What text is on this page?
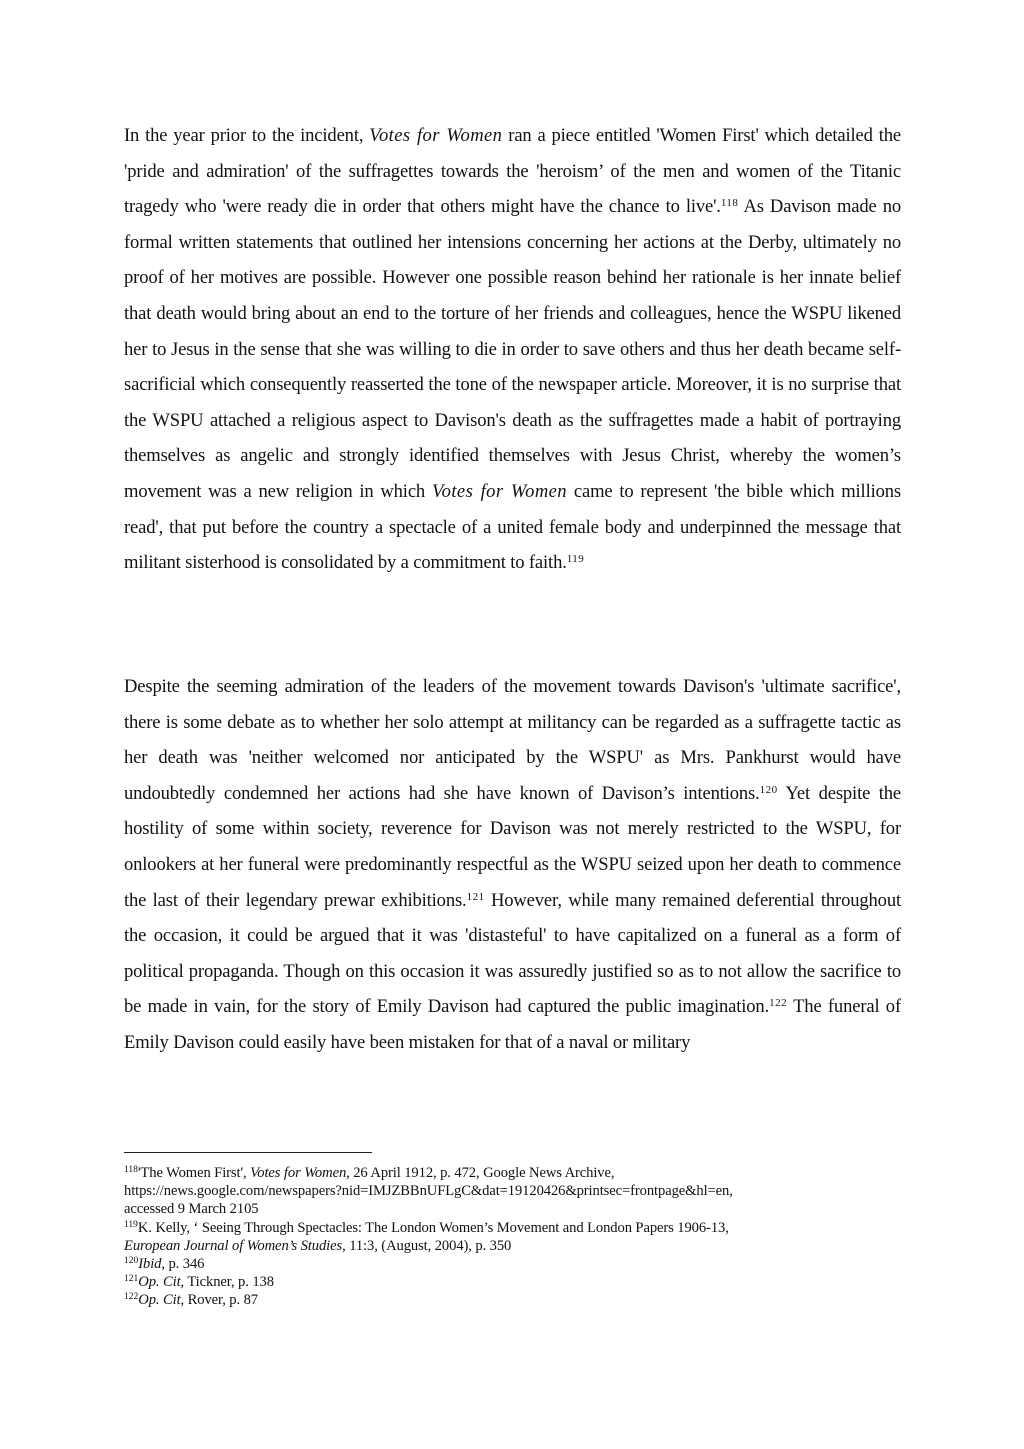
In the year prior to the incident, Votes for Women ran a piece entitled 'Women First' which detailed the 'pride and admiration' of the suffragettes towards the 'heroism’ of the men and women of the Titanic tragedy who 'were ready die in order that others might have the chance to live'.$^{118}$ As Davison made no formal written statements that outlined her intensions concerning her actions at the Derby, ultimately no proof of her motives are possible. However one possible reason behind her rationale is her innate belief that death would bring about an end to the torture of her friends and colleagues, hence the WSPU likened her to Jesus in the sense that she was willing to die in order to save others and thus her death became self-sacrificial which consequently reasserted the tone of the newspaper article. Moreover, it is no surprise that the WSPU attached a religious aspect to Davison's death as the suffragettes made a habit of portraying themselves as angelic and strongly identified themselves with Jesus Christ, whereby the women’s movement was a new religion in which Votes for Women came to represent 'the bible which millions read', that put before the country a spectacle of a united female body and underpinned the message that militant sisterhood is consolidated by a commitment to faith.$^{119}$

Despite the seeming admiration of the leaders of the movement towards Davison's 'ultimate sacrifice', there is some debate as to whether her solo attempt at militancy can be regarded as a suffragette tactic as her death was 'neither welcomed nor anticipated by the WSPU' as Mrs. Pankhurst would have undoubtedly condemned her actions had she have known of Davison’s intentions.$^{120}$ Yet despite the hostility of some within society, reverence for Davison was not merely restricted to the WSPU, for onlookers at her funeral were predominantly respectful as the WSPU seized upon her death to commence the last of their legendary prewar exhibitions.$^{121}$ However, while many remained deferential throughout the occasion, it could be argued that it was 'distasteful' to have capitalized on a funeral as a form of political propaganda. Though on this occasion it was assuredly justified so as to not allow the sacrifice to be made in vain, for the story of Emily Davison had captured the public imagination.$^{122}$ The funeral of Emily Davison could easily have been mistaken for that of a naval or military

$^{118}$'The Women First', Votes for Women, 26 April 1912, p. 472, Google News Archive,

https://news.google.com/newspapers?nid=IMJZBBnUFLgC&dat=19120426&printsec=frontpage&hl=en,

accessed 9 March 2105

$^{119}$K. Kelly, ‘ Seeing Through Spectacles: The London Women’s Movement and London Papers 1906-13,

European Journal of Women’s Studies, 11:3, (August, 2004), p. 350

$^{120}$Ibid, p. 346

$^{121}$Op. Cit, Tickner, p. 138

$^{122}$Op. Cit, Rover, p. 87
